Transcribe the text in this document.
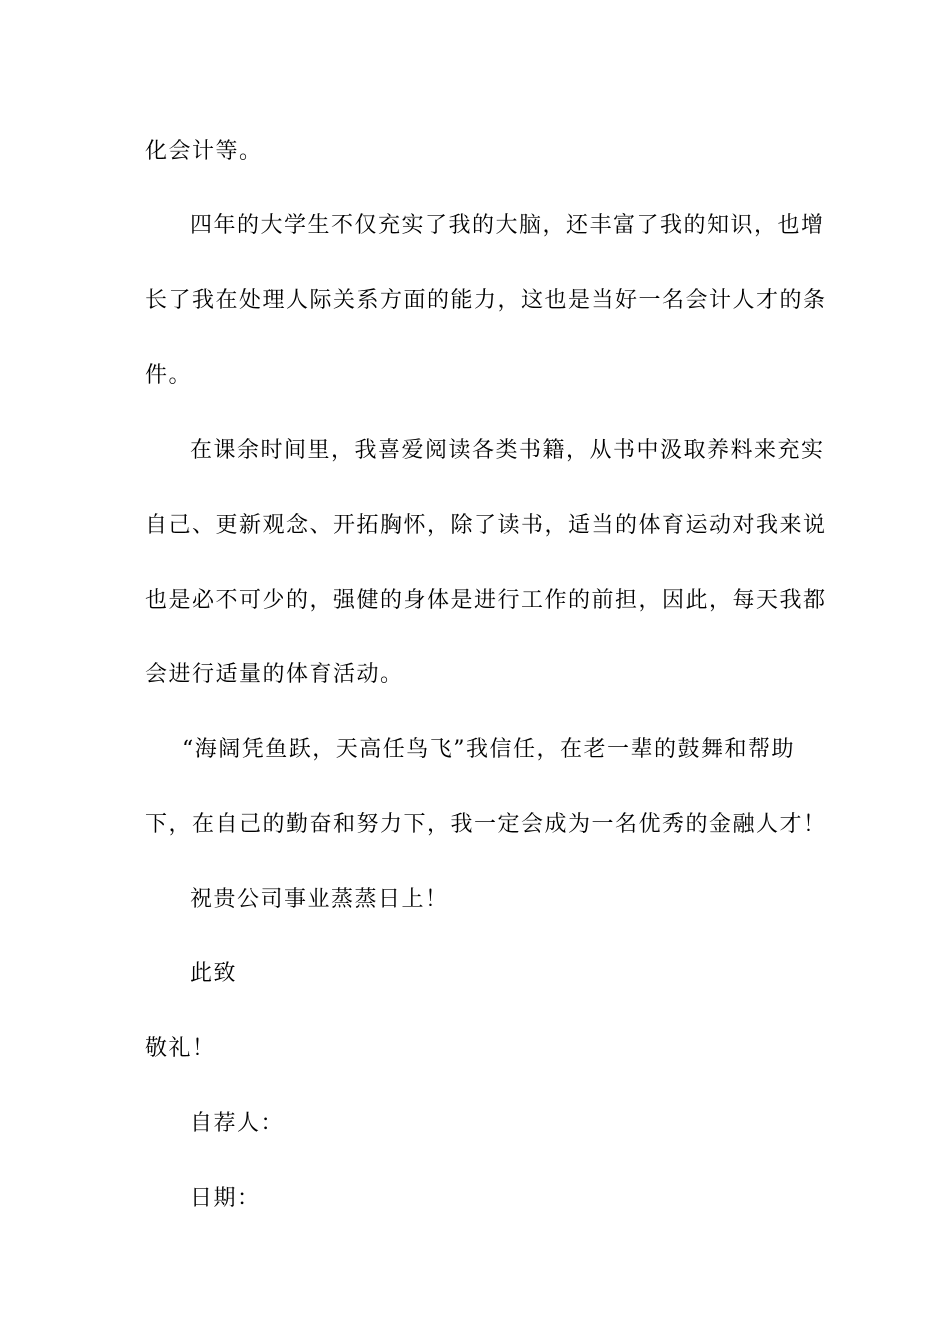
化会计等。

四年的大学生不仅充实了我的大脑，还丰富了我的知识，也增

长了我在处理人际关系方面的能力，这也是当好一名会计人才的条

件。

在课余时间里，我喜爱阅读各类书籍，从书中汲取养料来充实

自己、更新观念、开拓胸怀，除了读书，适当的体育运动对我来说

也是必不可少的，强健的身体是进行工作的前担，因此，每天我都

会进行适量的体育活动。

“海阔凭鱼跃，天高任鸟飞”我信任，在老一辈的鼓舞和帮助

下，在自己的勤奋和努力下，我一定会成为一名优秀的金融人才！

祝贵公司事业蒸蒸日上！

此致

敬礼！

自荐人：

日期：
